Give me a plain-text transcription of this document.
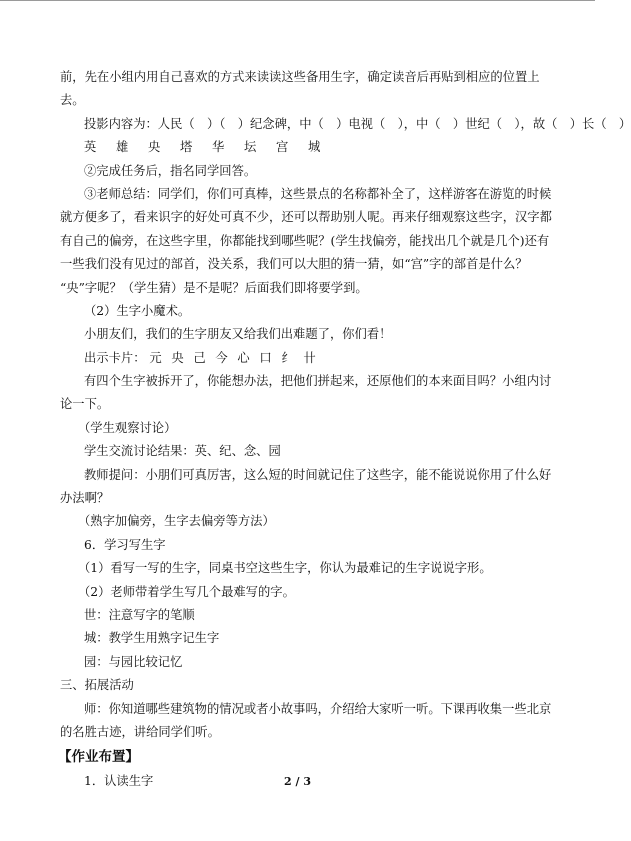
前，先在小组内用自己喜欢的方式来读读这些备用生字，确定读音后再贴到相应的位置上
去。
投影内容为：人民（　）（　）纪念碑，中（　）电视（　），中（　）世纪（　），故（　）长（　）
英	雄	央	塔	华	坛	宫	城
②完成任务后，指名同学回答。
③老师总结：同学们，你们可真棒，这些景点的名称都补全了，这样游客在游览的时候
就方便多了，看来识字的好处可真不少，还可以帮助别人呢。再来仔细观察这些字，汉字都
有自己的偏旁，在这些字里，你都能找到哪些呢？(学生找偏旁，能找出几个就是几个)还有
一些我们没有见过的部首，没关系，我们可以大胆的猜一猜，如“宫”字的部首是什么？
“央”字呢？（学生猜）是不是呢？后面我们即将要学到。
（2）生字小魔术。
小朋友们，我们的生字朋友又给我们出难题了，你们看！
出示卡片： 元 央 己 今 心 口 纟 卄
有四个生字被拆开了，你能想办法，把他们拼起来，还原他们的本来面目吗？小组内讨
论一下。
（学生观察讨论）
学生交流讨论结果：英、纪、念、园
教师提问：小朋们可真厉害，这么短的时间就记住了这些字，能不能说说你用了什么好
办法啊？
（熟字加偏旁，生字去偏旁等方法）
6．学习写生字
（1）看写一写的生字，同桌书空这些生字，你认为最难记的生字说说字形。
（2）老师带着学生写几个最难写的字。
世：注意写字的笔顺
城：教学生用熟字记生字
园：与园比较记忆
三、拓展活动
师：你知道哪些建筑物的情况或者小故事吗，介绍给大家听一听。下课再收集一些北京
的名胜古迹，讲给同学们听。
【作业布置】
1．认读生字	2 / 3
